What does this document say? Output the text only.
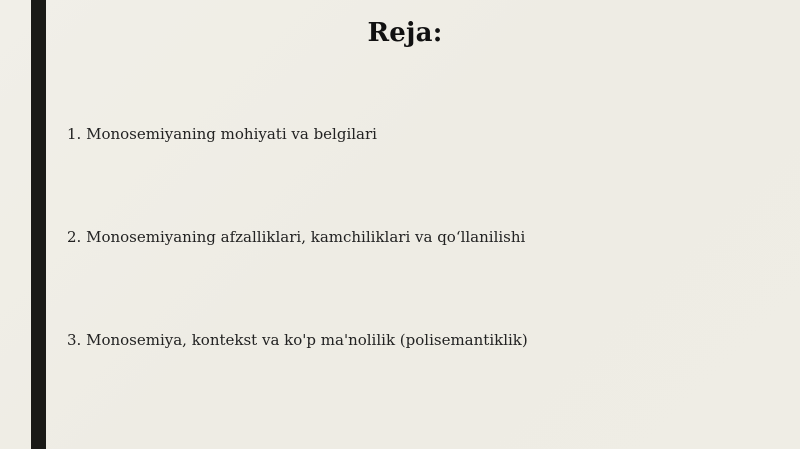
Reja:
1. Monosemiyaning mohiyati va belgilari
2. Monosemiyaning afzalliklari, kamchiliklari va qo‘llanilishi
3. Monosemiya, kontekst va ko'p ma'nolilik (polisemantiklik)
